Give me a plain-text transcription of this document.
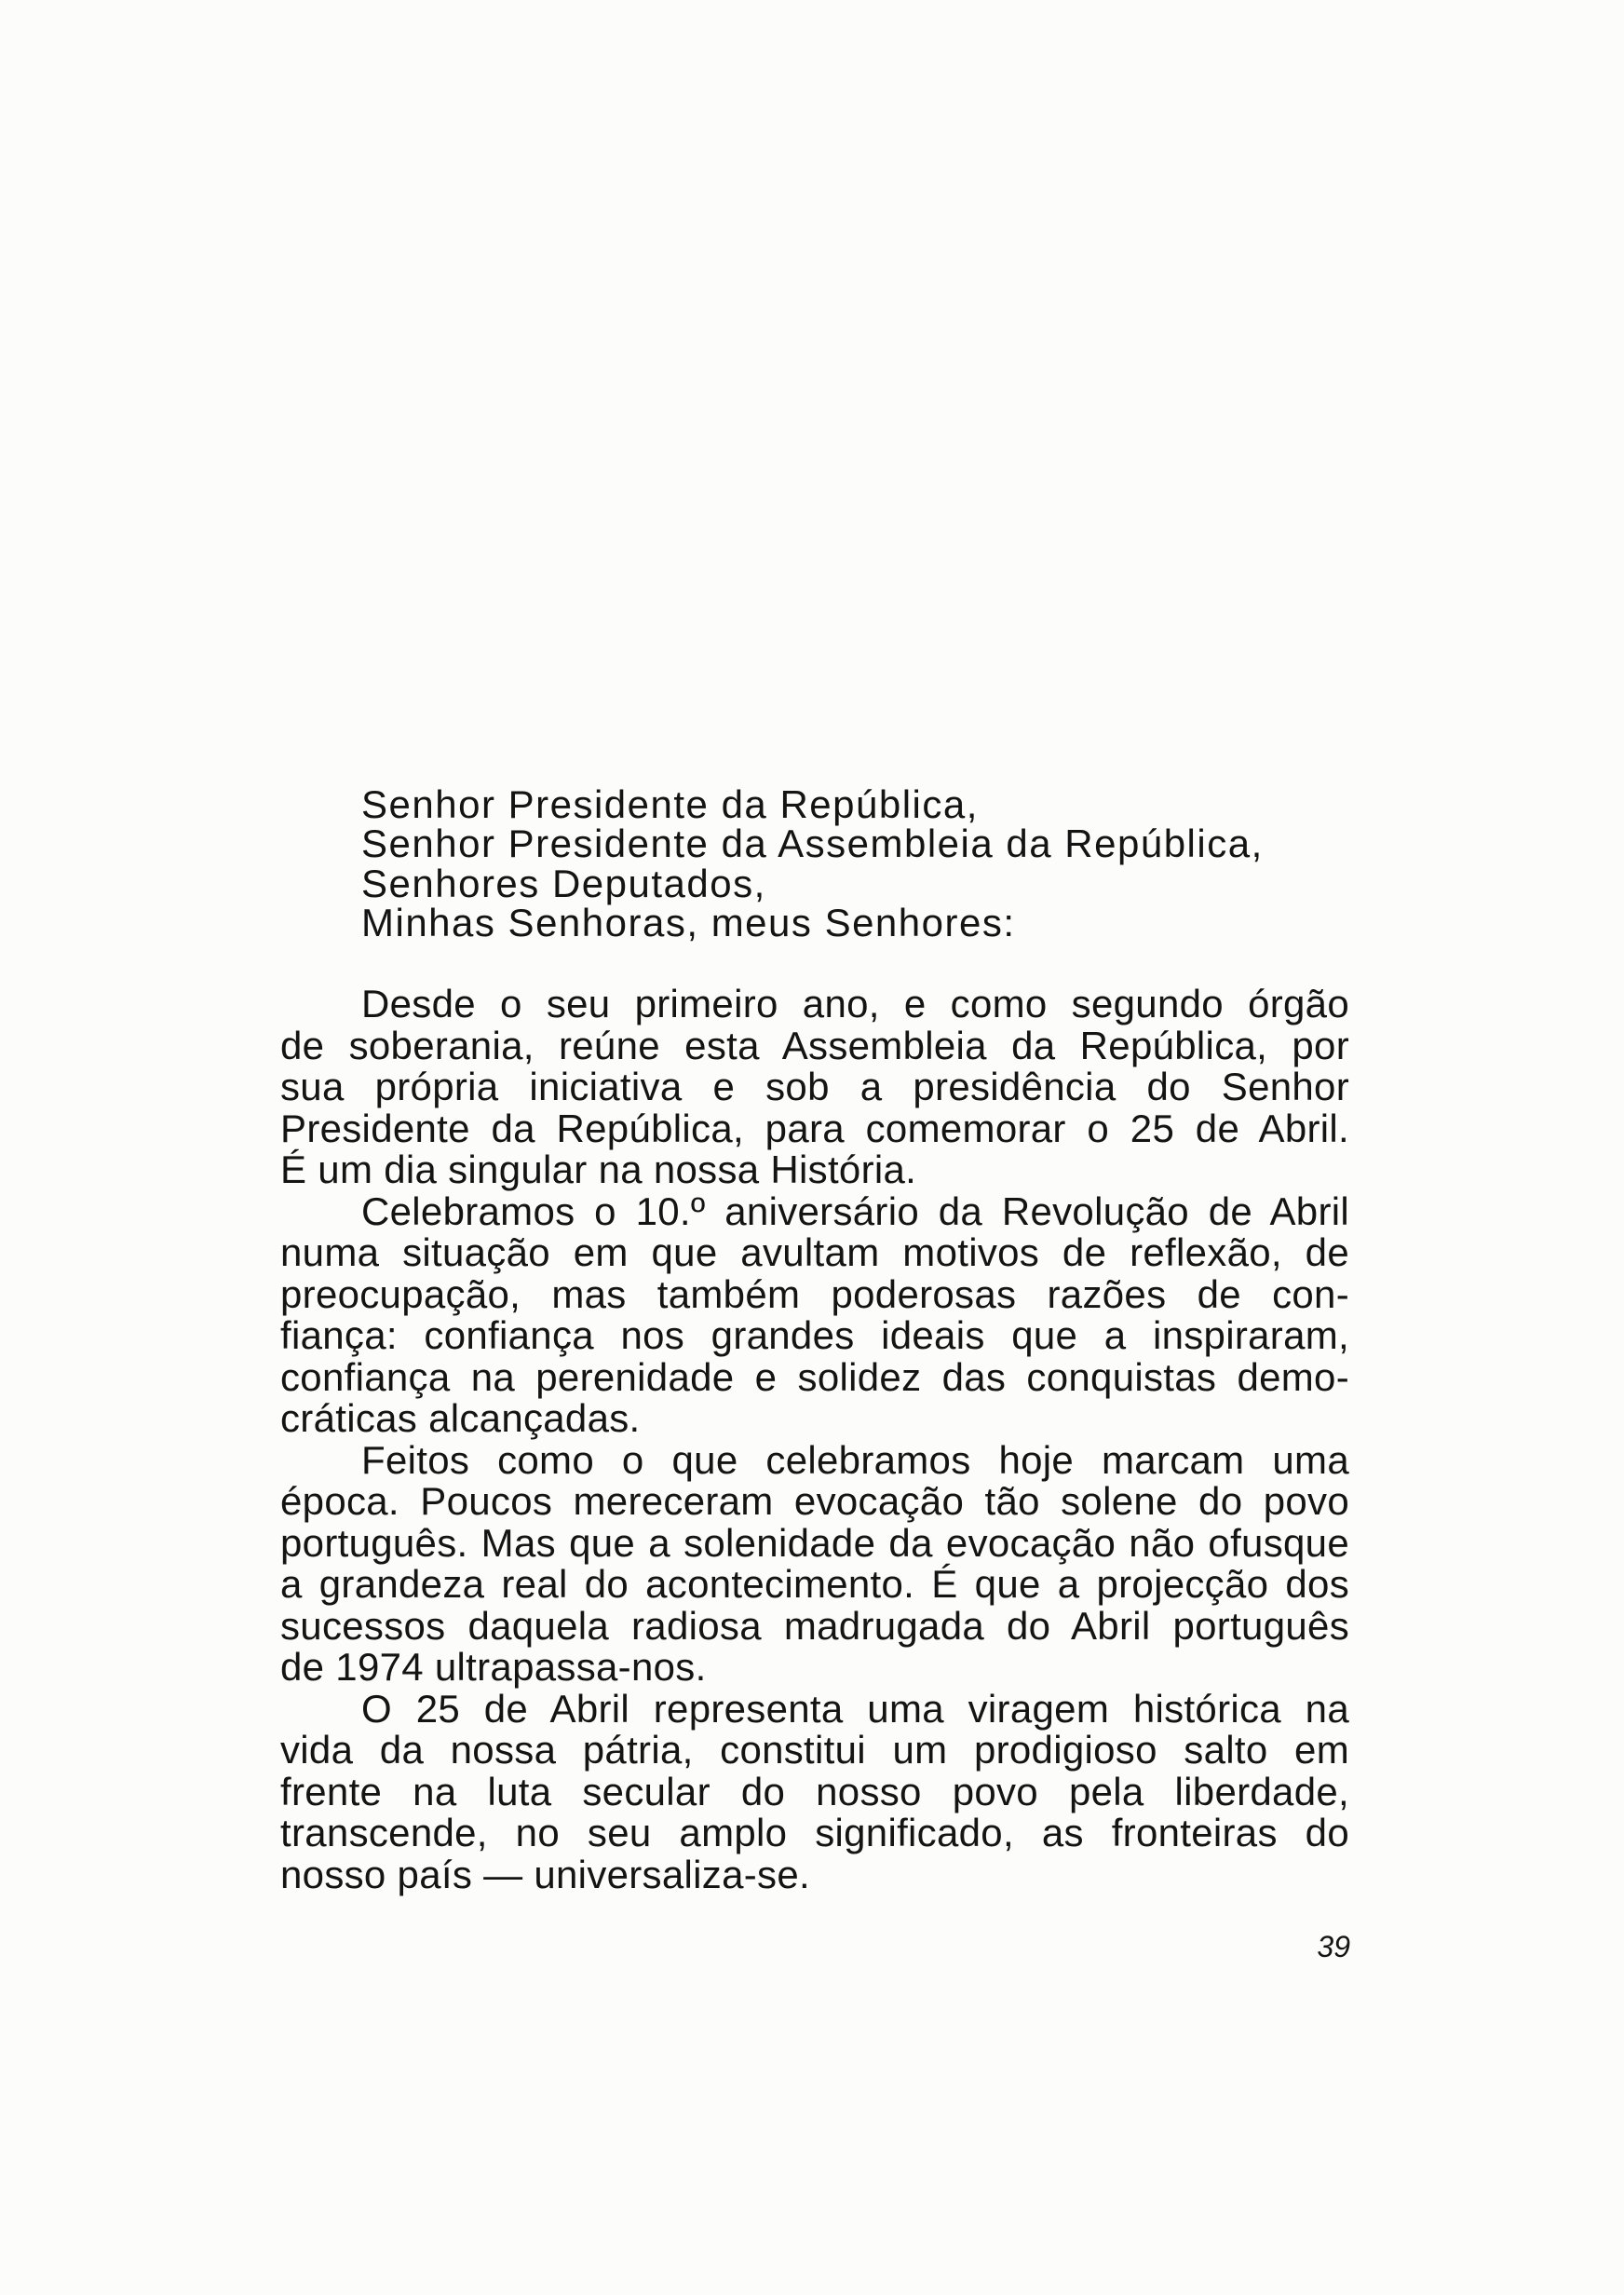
Senhor Presidente da República,
Senhor Presidente da Assembleia da República,
Senhores Deputados,
Minhas Senhoras, meus Senhores:
Desde o seu primeiro ano, e como segundo órgão
de soberania, reúne esta Assembleia da República, por
sua própria iniciativa e sob a presidência do Senhor
Presidente da República, para comemorar o 25 de Abril.
É um dia singular na nossa História.
Celebramos o 10.º aniversário da Revolução de Abril
numa situação em que avultam motivos de reflexão, de
preocupação, mas também poderosas razões de con-
fiança: confiança nos grandes ideais que a inspiraram,
confiança na perenidade e solidez das conquistas demo-
cráticas alcançadas.
Feitos como o que celebramos hoje marcam uma
época. Poucos mereceram evocação tão solene do povo
português. Mas que a solenidade da evocação não ofusque
a grandeza real do acontecimento. É que a projecção dos
sucessos daquela radiosa madrugada do Abril português
de 1974 ultrapassa-nos.
O 25 de Abril representa uma viragem histórica na
vida da nossa pátria, constitui um prodigioso salto em
frente na luta secular do nosso povo pela liberdade,
transcende, no seu amplo significado, as fronteiras do
nosso país — universaliza-se.
39
